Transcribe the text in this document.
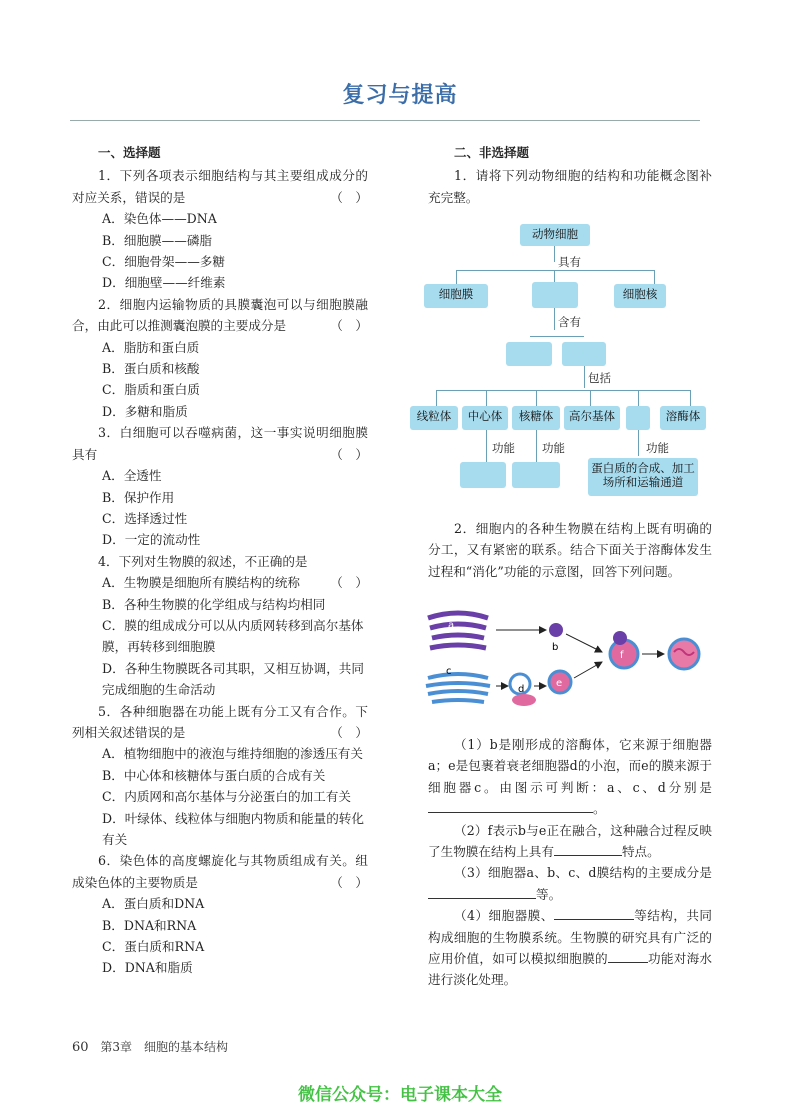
复习与提高
一、选择题
1．下列各项表示细胞结构与其主要组成成分的对应关系，错误的是	（　）
A．染色体——DNA
B．细胞膜——磷脂
C．细胞骨架——多糖
D．细胞壁——纤维素
2．细胞内运输物质的具膜囊泡可以与细胞膜融合，由此可以推测囊泡膜的主要成分是	（　）
A．脂肪和蛋白质
B．蛋白质和核酸
C．脂质和蛋白质
D．多糖和脂质
3．白细胞可以吞噬病菌，这一事实说明细胞膜具有	（　）
A．全透性
B．保护作用
C．选择透过性
D．一定的流动性
4．下列对生物膜的叙述，不正确的是
（　）
A．生物膜是细胞所有膜结构的统称
B．各种生物膜的化学组成与结构均相同
C．膜的组成成分可以从内质网转移到高尔基体膜，再转移到细胞膜
D．各种生物膜既各司其职，又相互协调，共同完成细胞的生命活动
5．各种细胞器在功能上既有分工又有合作。下列相关叙述错误的是	（　）
A．植物细胞中的液泡与维持细胞的渗透压有关
B．中心体和核糖体与蛋白质的合成有关
C．内质网和高尔基体与分泌蛋白的加工有关
D．叶绿体、线粒体与细胞内物质和能量的转化有关
6．染色体的高度螺旋化与其物质组成有关。组成染色体的主要物质是	（　）
A．蛋白质和DNA
B．DNA和RNA
C．蛋白质和RNA
D．DNA和脂质
二、非选择题
1．请将下列动物细胞的结构和功能概念图补充完整。
动物细胞
具有
细胞膜	细胞核
含有
包括
线粒体	中心体	核糖体	高尔基体	溶酶体
功能 功能	功能
蛋白质的合成、加工场所和运输通道
2．细胞内的各种生物膜在结构上既有明确的分工，又有紧密的联系。结合下面关于溶酶体发生过程和“消化”功能的示意图，回答下列问题。
a
b
c
d
e
f
（1）b是刚形成的溶酶体，它来源于细胞器a；e是包裹着衰老细胞器d的小泡，而e的膜来源于细胞器c。由图示可判断：a、c、d分别是。
（2）f表示b与e正在融合，这种融合过程反映了生物膜在结构上具有	特点。
（3）细胞器a、b、c、d膜结构的主要成分是等。
（4）细胞器膜、	等结构，共同构成细胞的生物膜系统。生物膜的研究具有广泛的应用价值，如可以模拟细胞膜的	功能对海水进行淡化处理。
60 第3章　细胞的基本结构
微信公众号：电子课本大全
